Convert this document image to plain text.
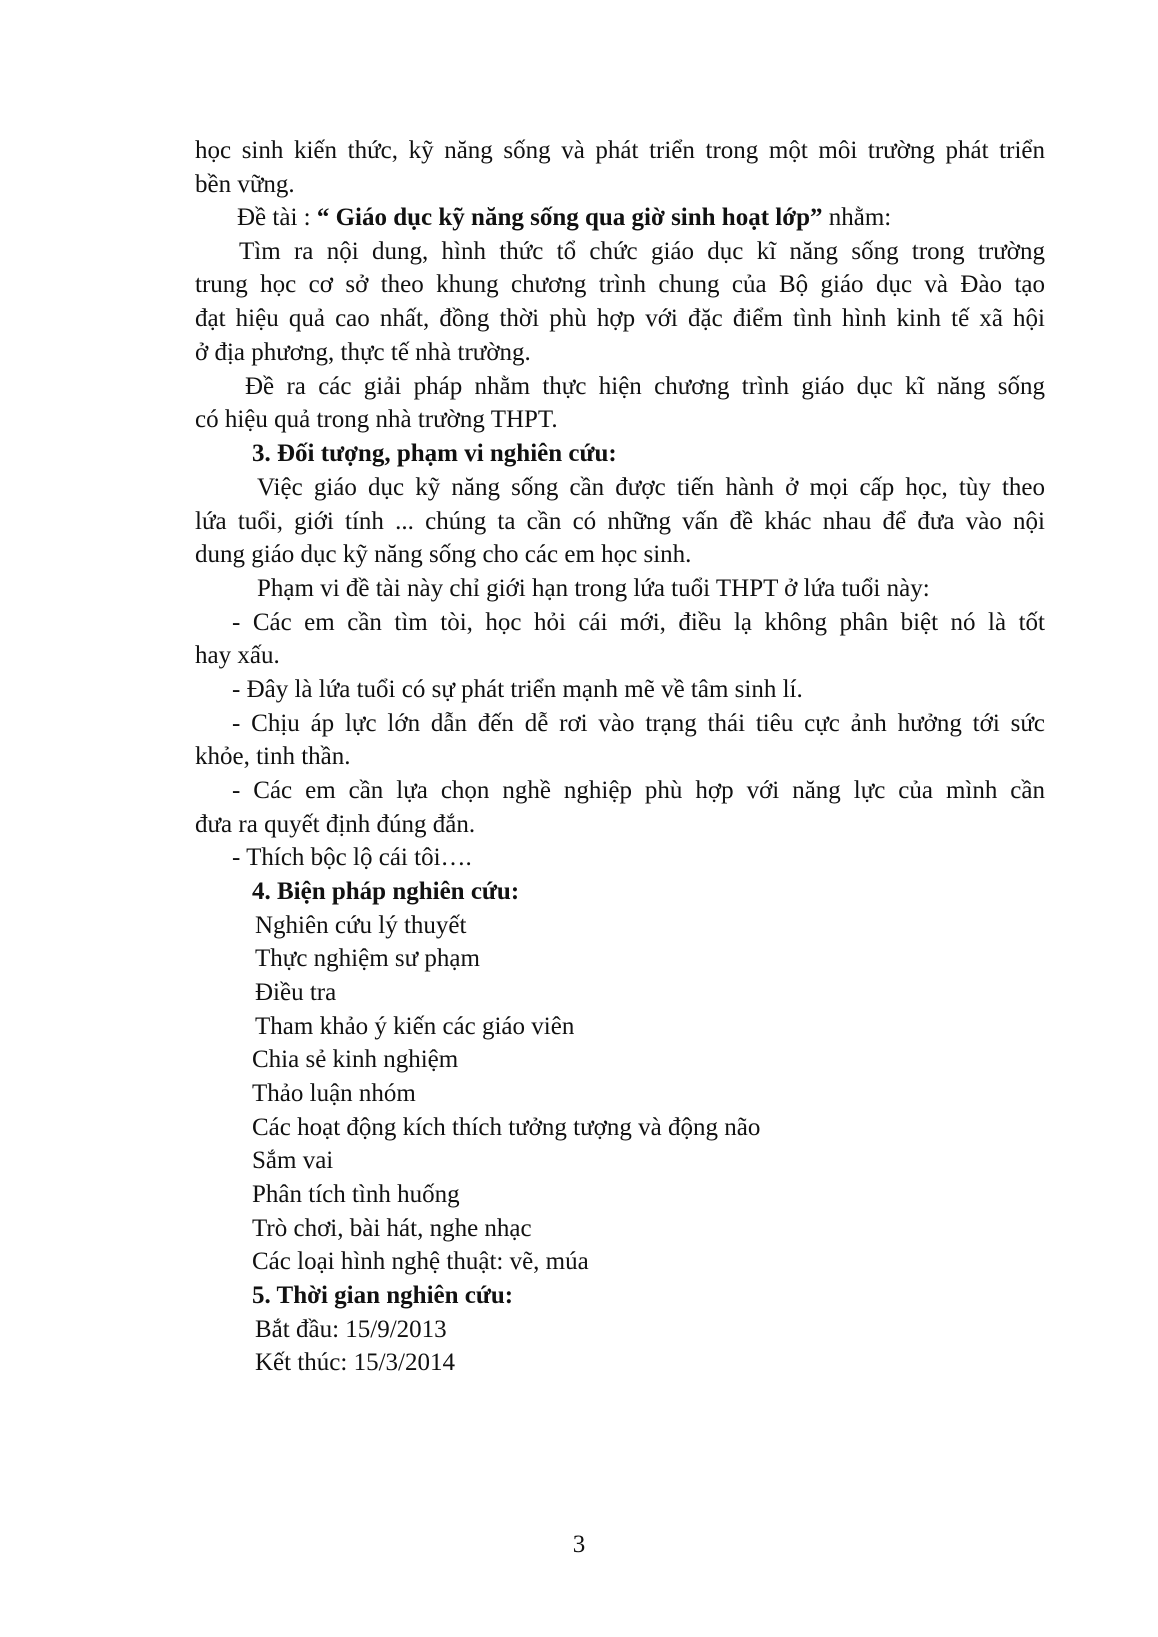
học sinh kiến thức, kỹ năng sống và phát triển trong một môi trường phát triển
bền vững.
Đề tài : “ Giáo dục kỹ năng sống qua giờ sinh hoạt lớp” nhằm:
Tìm ra nội dung, hình thức tổ chức giáo dục kĩ năng sống trong trường
trung học cơ sở theo khung chương trình chung của Bộ giáo dục và Đào tạo
đạt hiệu quả cao nhất, đồng thời phù hợp với đặc điểm tình hình kinh tế xã hội
ở địa phương, thực tế nhà trường.
Đề ra các giải pháp nhằm thực hiện chương trình giáo dục kĩ năng sống
có hiệu quả trong nhà trường THPT.
3. Đối tượng, phạm vi nghiên cứu:
Việc giáo dục kỹ năng sống cần được tiến hành ở mọi cấp học, tùy theo
lứa tuổi, giới tính ... chúng ta cần có những vấn đề khác nhau để đưa vào nội
dung giáo dục kỹ năng sống cho các em học sinh.
Phạm vi đề tài này chỉ giới hạn trong lứa tuổi THPT ở lứa tuổi này:
- Các em cần tìm tòi, học hỏi cái mới, điều lạ không phân biệt nó là tốt
hay xấu.
- Đây là lứa tuổi có sự phát triển mạnh mẽ về tâm sinh lí.
- Chịu áp lực lớn dẫn đến dễ rơi vào trạng thái tiêu cực ảnh hưởng tới sức
khỏe, tinh thần.
- Các em cần lựa chọn nghề nghiệp phù hợp với năng lực của mình cần
đưa ra quyết định đúng đắn.
- Thích bộc lộ cái tôi….
4. Biện pháp nghiên cứu:
Nghiên cứu lý thuyết
Thực nghiệm sư phạm
Điều tra
Tham khảo ý kiến các giáo viên
Chia sẻ kinh nghiệm
Thảo luận nhóm
Các hoạt động kích thích tưởng tượng và động não
Sắm vai
Phân tích tình huống
Trò chơi, bài hát, nghe nhạc
Các loại hình nghệ thuật: vẽ, múa
5. Thời gian nghiên cứu:
Bắt đầu: 15/9/2013
Kết thúc: 15/3/2014
3
